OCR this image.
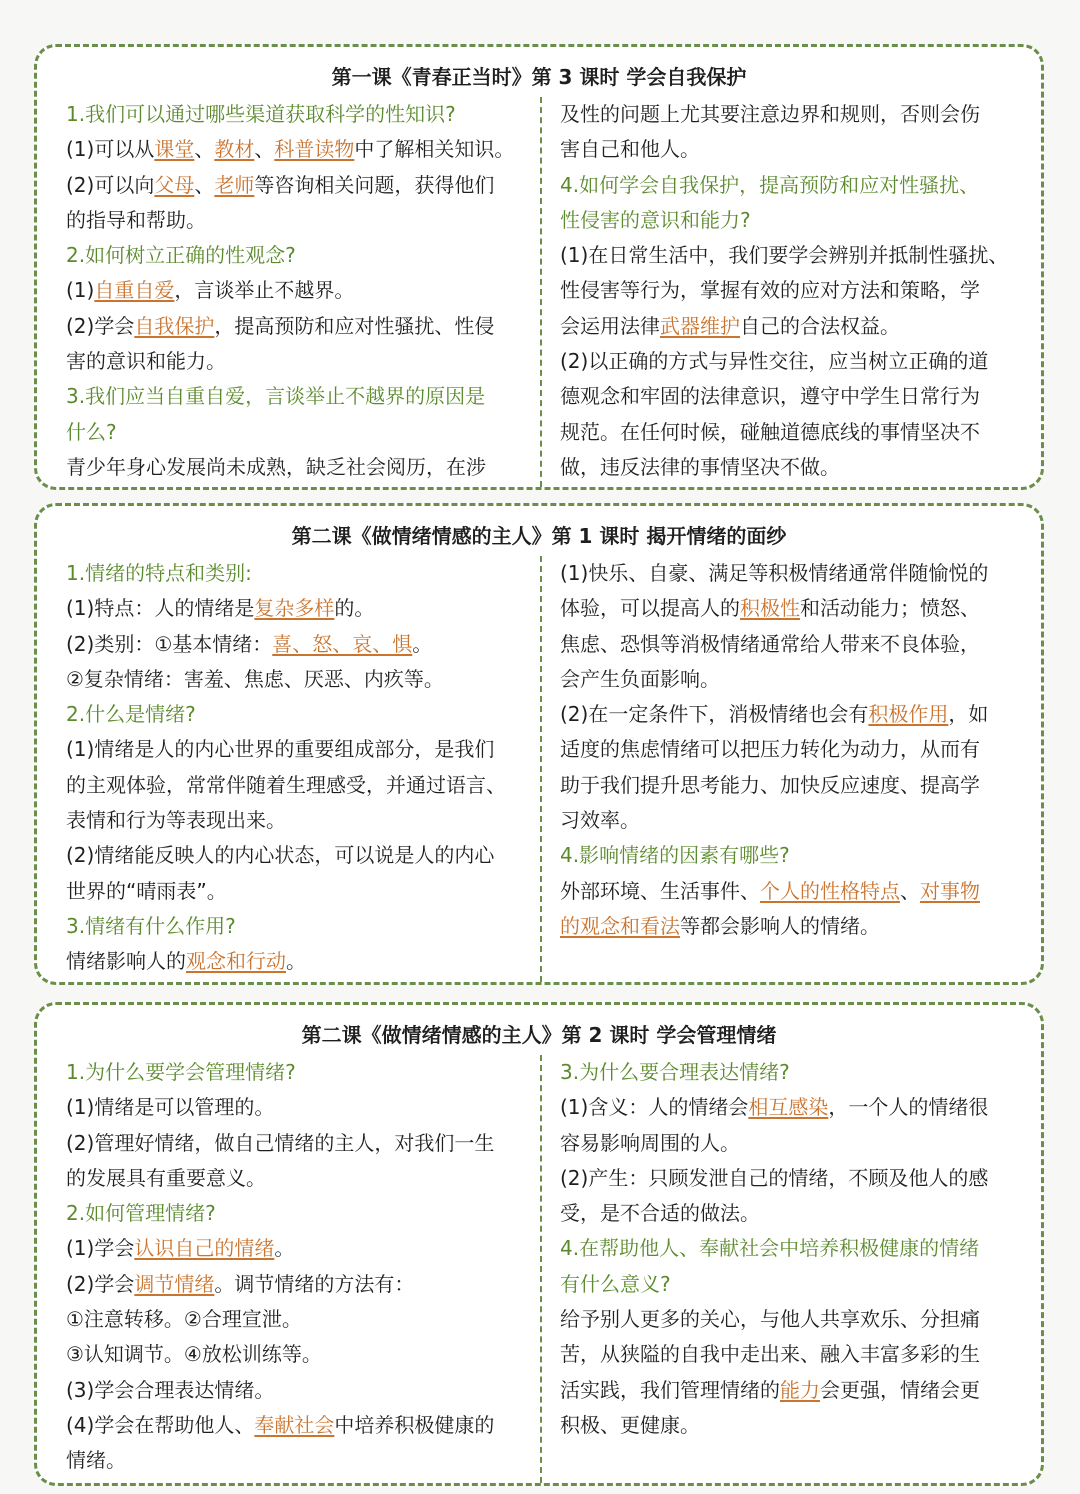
第一课《青春正当时》第 3 课时 学会自我保护
1.我们可以通过哪些渠道获取科学的性知识?
(1)可以从课堂、教材、科普读物中了解相关知识。
(2)可以向父母、老师等咨询相关问题，获得他们
的指导和帮助。
2.如何树立正确的性观念?
(1)自重自爱，言谈举止不越界。
(2)学会自我保护，提高预防和应对性骚扰、性侵
害的意识和能力。
3.我们应当自重自爱，言谈举止不越界的原因是
什么?
青少年身心发展尚未成熟，缺乏社会阅历，在涉
及性的问题上尤其要注意边界和规则，否则会伤
害自己和他人。
4.如何学会自我保护，提高预防和应对性骚扰、
性侵害的意识和能力?
(1)在日常生活中，我们要学会辨别并抵制性骚扰、
性侵害等行为，掌握有效的应对方法和策略，学
会运用法律武器维护自己的合法权益。
(2)以正确的方式与异性交往，应当树立正确的道
德观念和牢固的法律意识，遵守中学生日常行为
规范。在任何时候，碰触道德底线的事情坚决不
做，违反法律的事情坚决不做。
第二课《做情绪情感的主人》第 1 课时 揭开情绪的面纱
1.情绪的特点和类别:
(1)特点：人的情绪是复杂多样的。
(2)类别：①基本情绪：喜、怒、哀、惧。
②复杂情绪：害羞、焦虑、厌恶、内疚等。
2.什么是情绪?
(1)情绪是人的内心世界的重要组成部分，是我们
的主观体验，常常伴随着生理感受，并通过语言、
表情和行为等表现出来。
(2)情绪能反映人的内心状态，可以说是人的内心
世界的“晴雨表”。
3.情绪有什么作用?
情绪影响人的观念和行动。
(1)快乐、自豪、满足等积极情绪通常伴随愉悦的
体验，可以提高人的积极性和活动能力；愤怒、
焦虑、恐惧等消极情绪通常给人带来不良体验，
会产生负面影响。
(2)在一定条件下，消极情绪也会有积极作用，如
适度的焦虑情绪可以把压力转化为动力，从而有
助于我们提升思考能力、加快反应速度、提高学
习效率。
4.影响情绪的因素有哪些?
外部环境、生活事件、个人的性格特点、对事物
的观念和看法等都会影响人的情绪。
第二课《做情绪情感的主人》第 2 课时 学会管理情绪
1.为什么要学会管理情绪?
(1)情绪是可以管理的。
(2)管理好情绪，做自己情绪的主人，对我们一生
的发展具有重要意义。
2.如何管理情绪?
(1)学会认识自己的情绪。
(2)学会调节情绪。调节情绪的方法有：
①注意转移。②合理宣泄。
③认知调节。④放松训练等。
(3)学会合理表达情绪。
(4)学会在帮助他人、奉献社会中培养积极健康的
情绪。
3.为什么要合理表达情绪?
(1)含义：人的情绪会相互感染，一个人的情绪很
容易影响周围的人。
(2)产生：只顾发泄自己的情绪，不顾及他人的感
受，是不合适的做法。
4.在帮助他人、奉献社会中培养积极健康的情绪
有什么意义?
给予别人更多的关心，与他人共享欢乐、分担痛
苦，从狭隘的自我中走出来、融入丰富多彩的生
活实践，我们管理情绪的能力会更强，情绪会更
积极、更健康。
